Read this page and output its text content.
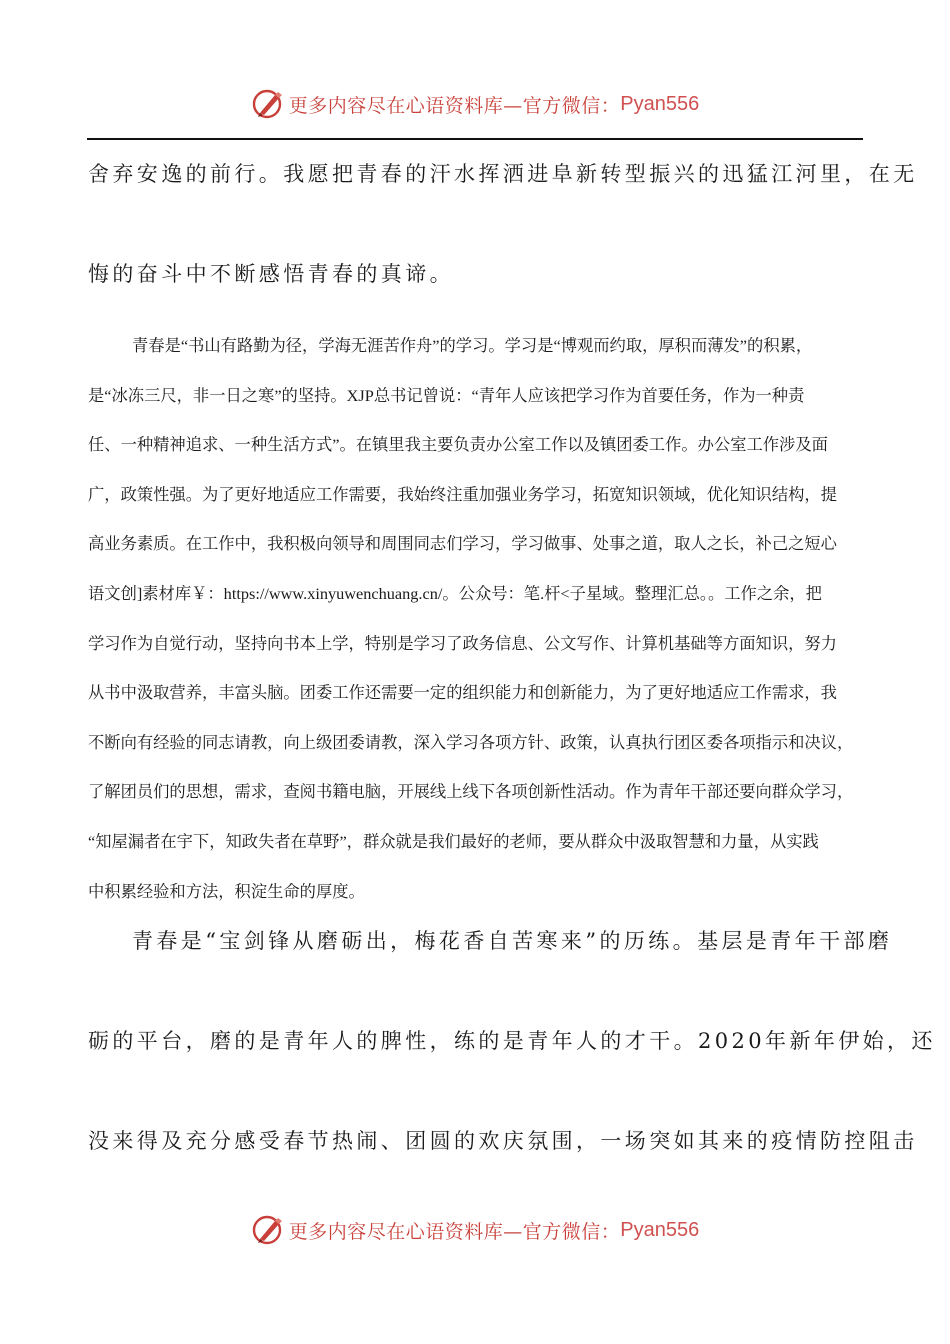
更多内容尽在心语资料库—官方微信： Pyan556
舍弃安逸的前行。我愿把青春的汗水挥洒进阜新转型振兴的迅猛江河里，在无
悔的奋斗中不断感悟青春的真谛。
青春是“书山有路勤为径，学海无涯苦作舟”的学习。学习是“博观而约取，厚积而薄发”的积累，
是“冰冻三尺，非一日之寒”的坚持。XJP总书记曾说：“青年人应该把学习作为首要任务，作为一种责
任、一种精神追求、一种生活方式”。在镇里我主要负责办公室工作以及镇团委工作。办公室工作涉及面
广，政策性强。为了更好地适应工作需要，我始终注重加强业务学习，拓宽知识领域，优化知识结构，提
高业务素质。在工作中，我积极向领导和周围同志们学习，学习做事、处事之道，取人之长，补己之短心
语文创]素材库￥：https://www.xinyuwenchuang.cn/。公众号：笔.杆<子星域。整理汇总。。工作之余，把
学习作为自觉行动，坚持向书本上学，特别是学习了政务信息、公文写作、计算机基础等方面知识，努力
从书中汲取营养，丰富头脑。团委工作还需要一定的组织能力和创新能力，为了更好地适应工作需求，我
不断向有经验的同志请教，向上级团委请教，深入学习各项方针、政策，认真执行团区委各项指示和决议，
了解团员们的思想，需求，查阅书籍电脑，开展线上线下各项创新性活动。作为青年干部还要向群众学习，
“知屋漏者在宇下，知政失者在草野”，群众就是我们最好的老师，要从群众中汲取智慧和力量，从实践
中积累经验和方法，积淀生命的厚度。
青春是“宝剑锋从磨砺出，梅花香自苦寒来”的历练。基层是青年干部磨
砺的平台，磨的是青年人的脾性，练的是青年人的才干。2020年新年伊始，还
没来得及充分感受春节热闹、团圆的欢庆氛围，一场突如其来的疫情防控阻击
更多内容尽在心语资料库—官方微信： Pyan556
